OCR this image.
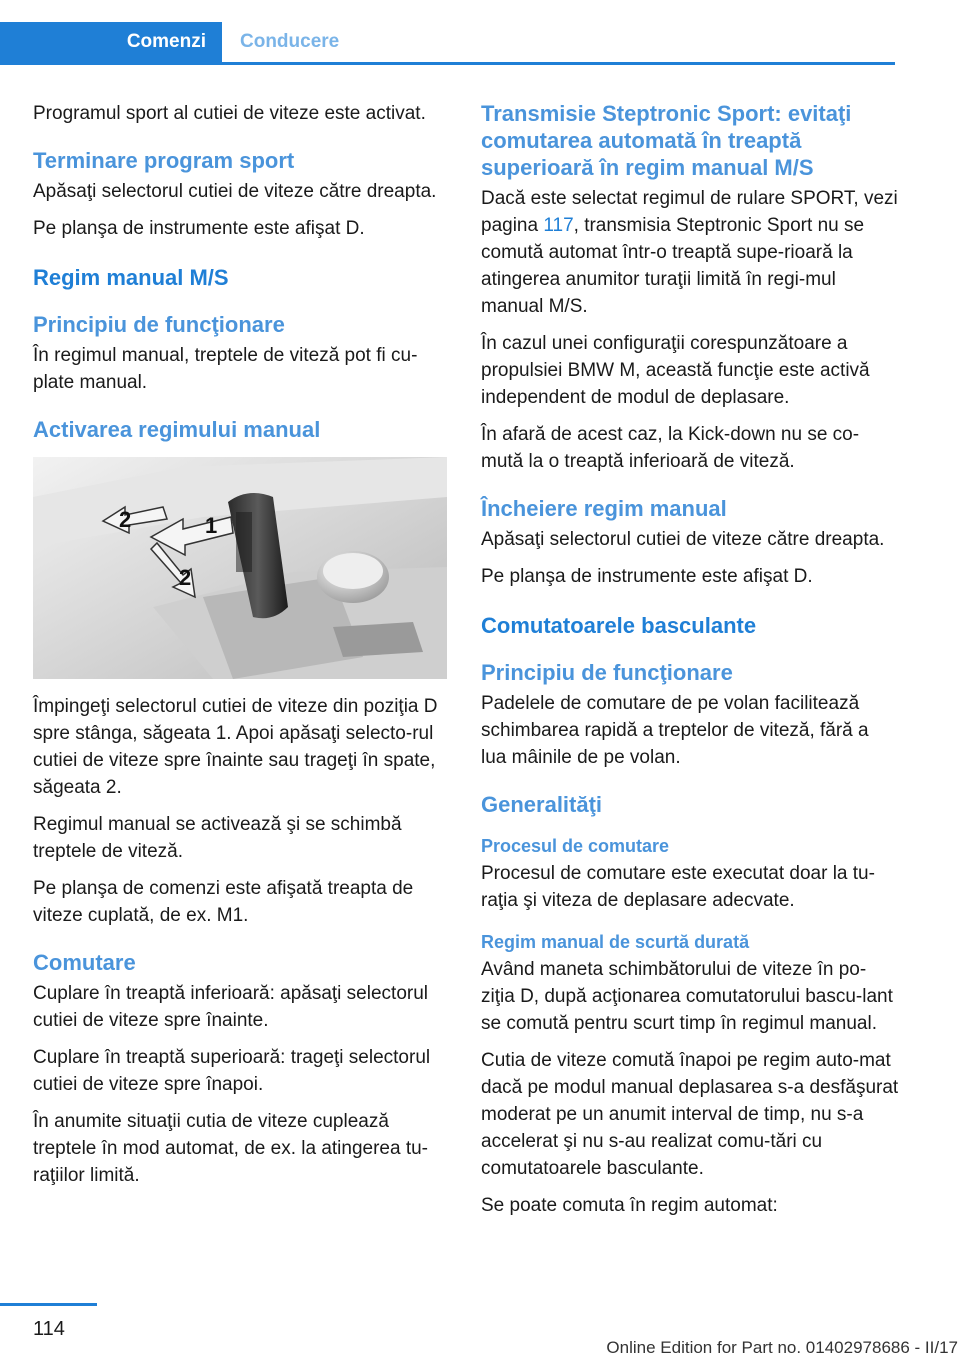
Comenzi	Conducere

Programul sport al cutiei de viteze este activat.

Terminare program sport

Apăsaţi selectorul cutiei de viteze către dreapta.

Pe planşa de instrumente este afişat D.

Regim manual M/S
Principiu de funcţionare

În regimul manual, treptele de viteză pot fi cu‐plate manual.

Activarea regimului manual
1
2
2

Împingeţi selectorul cutiei de viteze din poziţia D spre stânga, săgeata 1. Apoi apăsaţi selecto‐rul cutiei de viteze spre înainte sau trageţi în spate, săgeata 2.

Regimul manual se activează şi se schimbă treptele de viteză.

Pe planşa de comenzi este afişată treapta de viteze cuplată, de ex. M1.

Comutare

Cuplare în treaptă inferioară: apăsaţi selectorul cutiei de viteze spre înainte.

Cuplare în treaptă superioară: trageţi selectorul cutiei de viteze spre înapoi.

În anumite situaţii cutia de viteze cuplează treptele în mod automat, de ex. la atingerea tu‐raţiilor limită.

Transmisie Steptronic Sport: evitaţi comutarea automată în treaptă superioară în regim manual M/S

Dacă este selectat regimul de rulare SPORT, vezi pagina 117, transmisia Steptronic Sport nu se comută automat într-o treaptă supe‐rioară la atingerea anumitor turaţii limită în regi‐mul manual M/S.

În cazul unei configuraţii corespunzătoare a propulsiei BMW M, această funcţie este activă independent de modul de deplasare.

În afară de acest caz, la Kick-down nu se co‐mută la o treaptă inferioară de viteză.

Încheiere regim manual

Apăsaţi selectorul cutiei de viteze către dreapta.

Pe planşa de instrumente este afişat D.

Comutatoarele basculante
Principiu de funcţionare

Padelele de comutare de pe volan facilitează schimbarea rapidă a treptelor de viteză, fără a lua mâinile de pe volan.

Generalităţi
Procesul de comutare

Procesul de comutare este executat doar la tu‐raţia şi viteza de deplasare adecvate.

Regim manual de scurtă durată

Având maneta schimbătorului de viteze în po‐ziţia D, după acţionarea comutatorului bascu‐lant se comută pentru scurt timp în regimul manual.

Cutia de viteze comută înapoi pe regim auto‐mat dacă pe modul manual deplasarea s-a desfăşurat moderat pe un anumit interval de timp, nu s-a accelerat şi nu s-au realizat comu‐tări cu comutatoarele basculante.

Se poate comuta în regim automat:

114
Online Edition for Part no. 01402978686 - II/17
